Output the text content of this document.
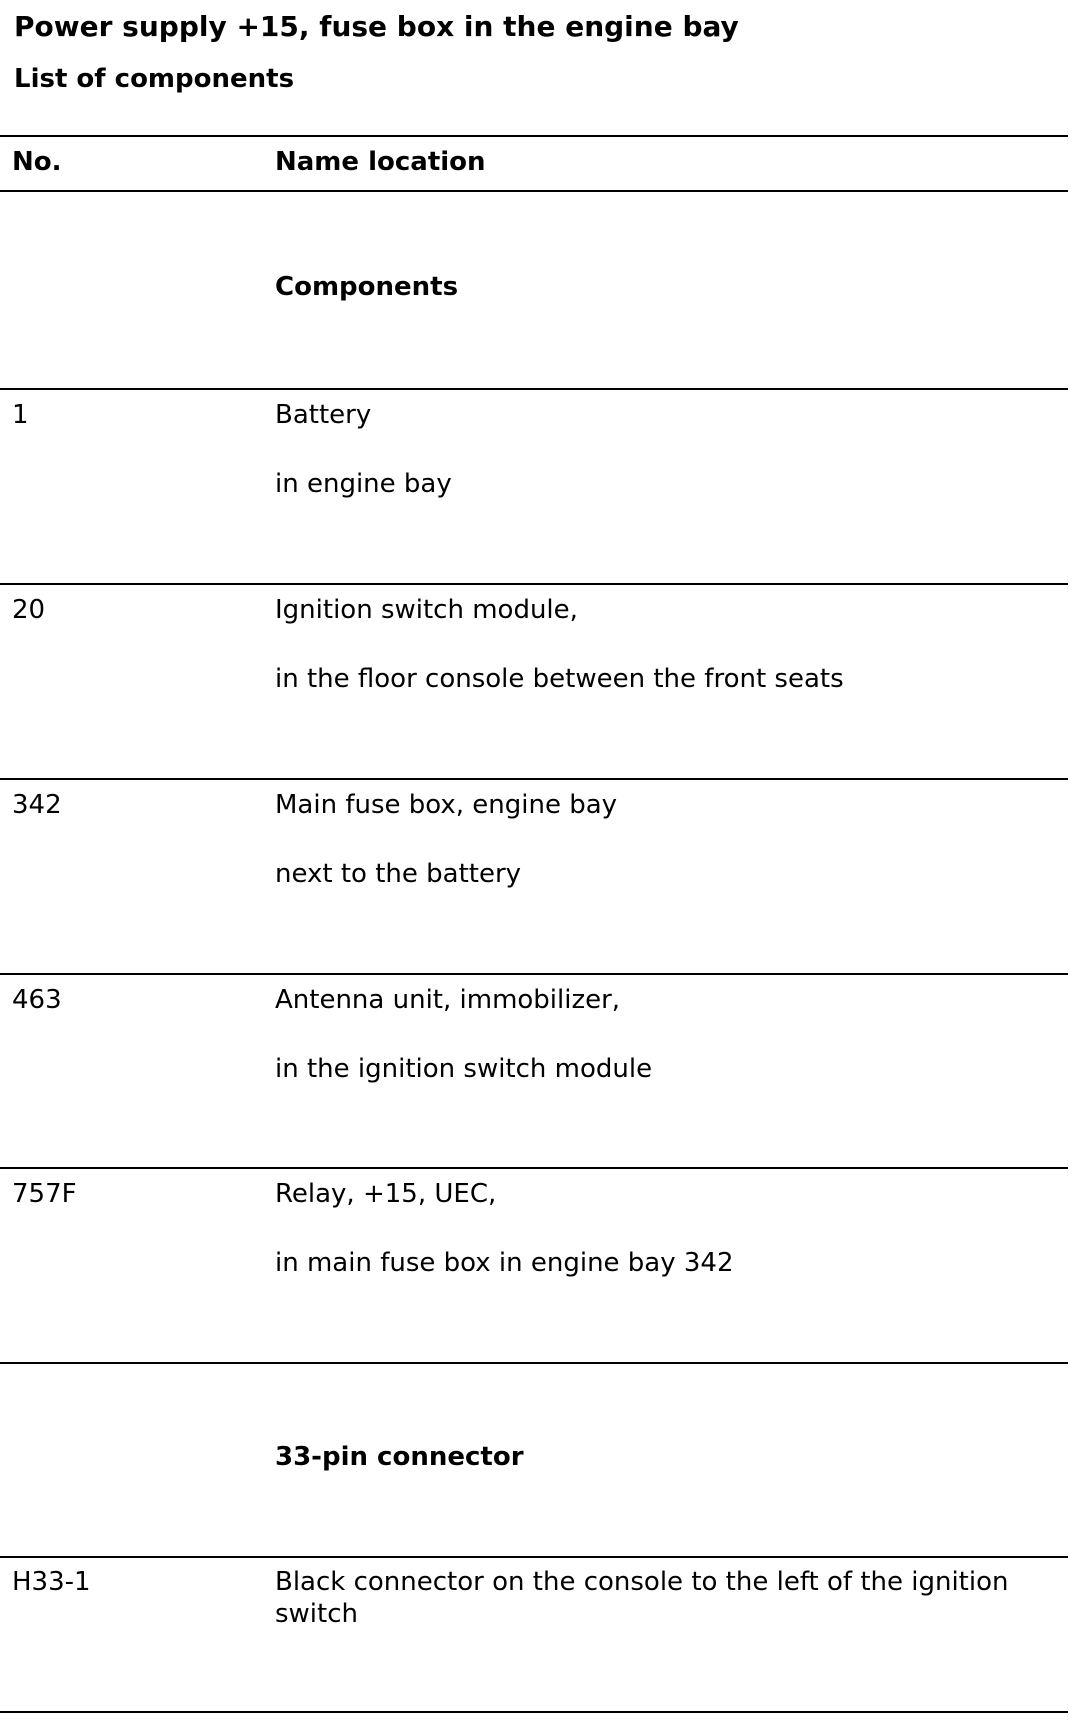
Power supply +15, fuse box in the engine bay
List of components
No.	Name location
Components
1	Battery
in engine bay
20	Ignition switch module,
in the floor console between the front seats
342	Main fuse box, engine bay
next to the battery
463	Antenna unit, immobilizer,
in the ignition switch module
757F	Relay, +15, UEC,
in main fuse box in engine bay 342
33-pin connector
H33-1	Black connector on the console to the left of the ignition switch
